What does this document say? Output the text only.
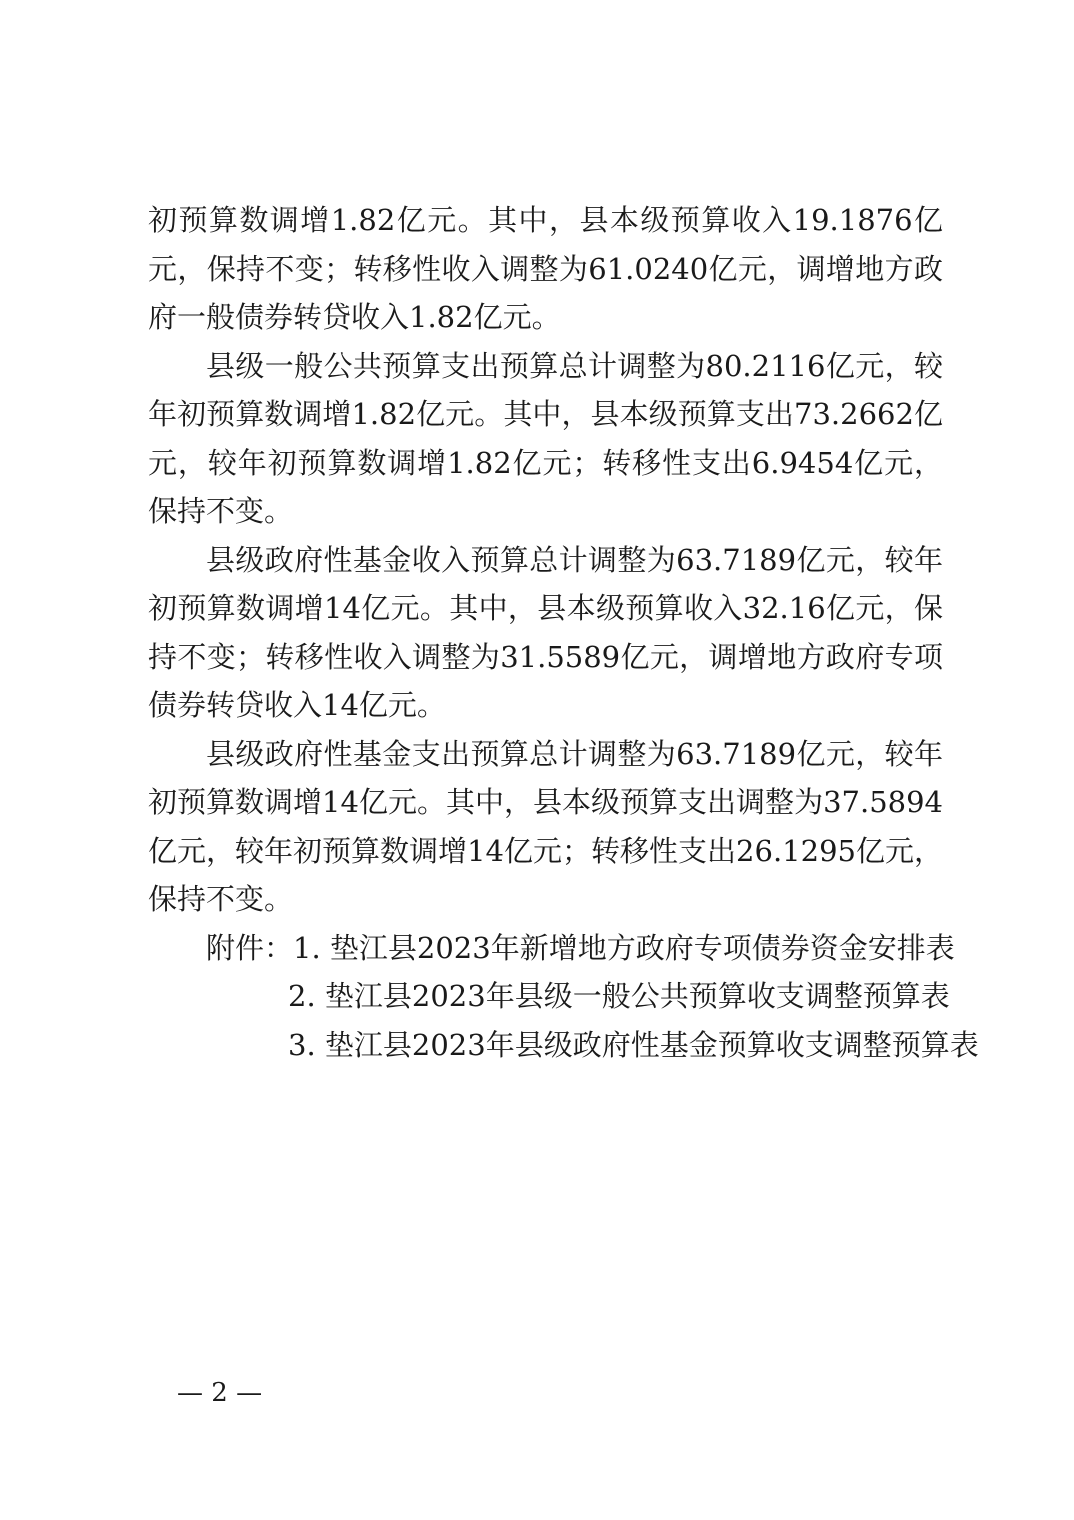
初预算数调增1.82亿元。其中，县本级预算收入19.1876亿元，保持不变；转移性收入调整为61.0240亿元，调增地方政府一般债券转贷收入1.82亿元。

县级一般公共预算支出预算总计调整为80.2116亿元，较年初预算数调增1.82亿元。其中，县本级预算支出73.2662亿元，较年初预算数调增1.82亿元；转移性支出6.9454亿元，保持不变。

县级政府性基金收入预算总计调整为63.7189亿元，较年初预算数调增14亿元。其中，县本级预算收入32.16亿元，保持不变；转移性收入调整为31.5589亿元，调增地方政府专项债券转贷收入14亿元。

县级政府性基金支出预算总计调整为63.7189亿元，较年初预算数调增14亿元。其中，县本级预算支出调整为37.5894亿元，较年初预算数调增14亿元；转移性支出26.1295亿元，保持不变。

附件：1. 垫江县2023年新增地方政府专项债券资金安排表
2. 垫江县2023年县级一般公共预算收支调整预算表
3. 垫江县2023年县级政府性基金预算收支调整预算表
— 2 —
